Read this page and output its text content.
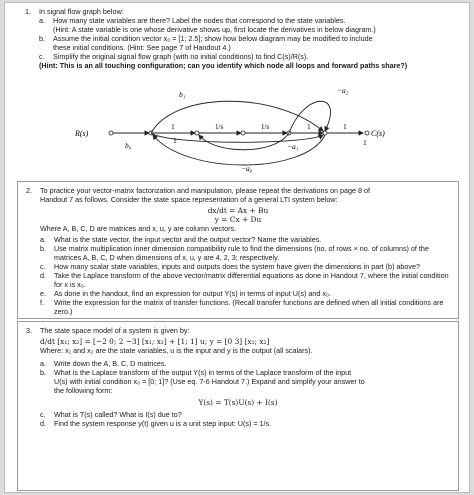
1. In signal flow graph below:
a.	How many state variables are there? Label the nodes that correspond to the state variables.
(Hint: A state variable is one whose derivative shows up, first locate the derivatives in below diagram.)
b.	Assume the initial condition vector x₀ = [1; 2.5]; show how below diagram may be modified to include
these initial conditions. (Hint: See page 7 of Handout 4.)
c.	Simplify the original signal flow graph (with no initial conditions) to find C(s)/R(s).
(Hint: This is an all touching configuration; can you identify which node all loops and forward paths share?)
R(s)	C(s)
b₁
b₀
−a₂
−a₁
−a₀
1	1/s	1/s	1	1
1	1
2. To practice your vector-matrix factorization and manipulation, please repeat the derivations on page 8 of
Handout 7 as follows. Consider the state space representation of a general LTI system below:
dx/dt = Ax + Bu
y = Cx + Du
Where A, B, C, D are matrices and x, u, y are column vectors.
a.	What is the state vector, the input vector and the output vector? Name the variables.
b.	Use matrix multiplication inner dimension compatibility rule to find the dimensions (no. of rows × no. of columns) of the matrices A, B, C, D when dimensions of x, u, y are 4, 2, 3; respectively.
c.	How many scalar state variables, inputs and outputs does the system have given the dimensions in part (b) above?
d.	Take the Laplace transform of the above vector/matrix differential equations as done in Handout 7, where the initial condition for x is x₀.
e.	As done in the handout, find an expression for output Y(s) in terms of input U(s) and x₀.
f.	Write the expression for the matrix of transfer functions. (Recall transfer functions are defined when all initial conditions are zero.)
3. The state space model of a system is given by:
d/dt [x₁; x₂] = [−2 0; 2 −3] [x₁; x₂] + [1; 1] u; y = [0 3] [x₁; x₂]
Where: x₁ and x₂ are the state variables, u is the input and y is the output (all scalars).
a.	Write down the A, B, C, D matrices.
b.	What is the Laplace transform of the output Y(s) in terms of the Laplace transform of the input
U(s) with initial condition x₀ = [0; 1]? (Use eq. 7-6 Handout 7.) Expand and simplify your answer to
the following form:
Y(s) = T(s)U(s) + I(s)
c.	What is T(s) called? What is I(s) due to?
d.	Find the system response y(t) given u is a unit step input: U(s) = 1/s.
